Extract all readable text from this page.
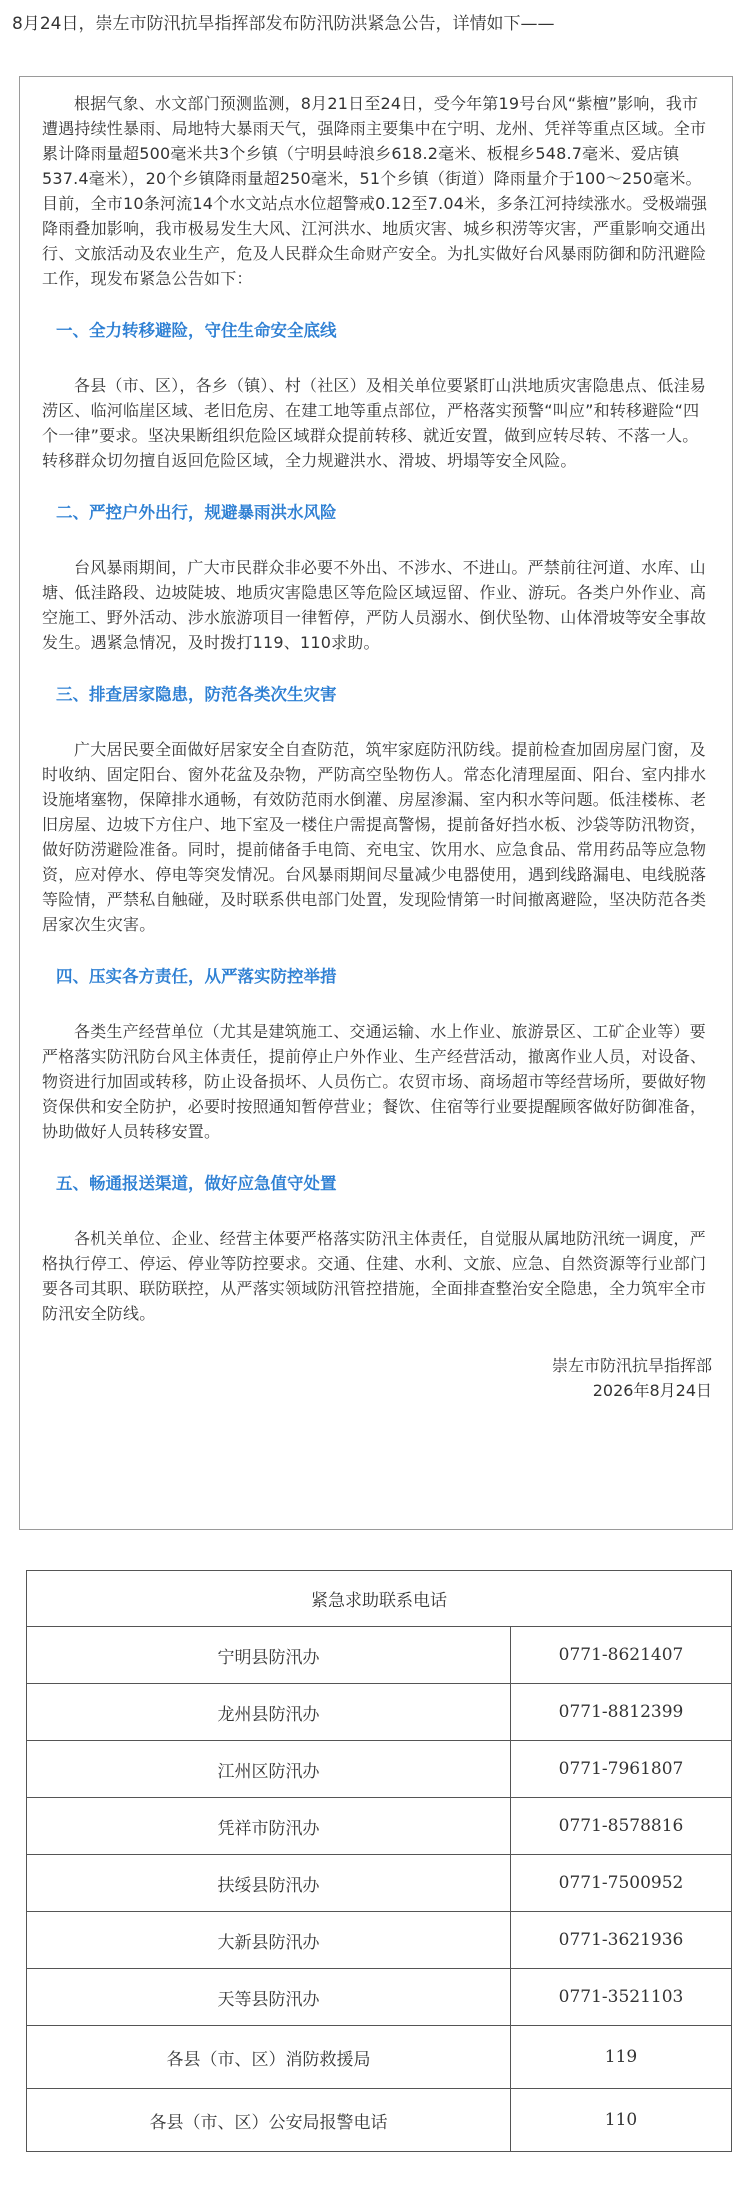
8月24日，崇左市防汛抗旱指挥部发布防汛防洪紧急公告，详情如下——

根据气象、水文部门预测监测，8月21日至24日，受今年第19号台风“紫檀”影响，我市遭遇持续性暴雨、局地特大暴雨天气，强降雨主要集中在宁明、龙州、凭祥等重点区域。全市累计降雨量超500毫米共3个乡镇（宁明县峙浪乡618.2毫米、板棍乡548.7毫米、爱店镇537.4毫米），20个乡镇降雨量超250毫米，51个乡镇（街道）降雨量介于100～250毫米。目前，全市10条河流14个水文站点水位超警戒0.12至7.04米，多条江河持续涨水。受极端强降雨叠加影响，我市极易发生大风、江河洪水、地质灾害、城乡积涝等灾害，严重影响交通出行、文旅活动及农业生产，危及人民群众生命财产安全。为扎实做好台风暴雨防御和防汛避险工作，现发布紧急公告如下：

一、全力转移避险，守住生命安全底线

各县（市、区），各乡（镇）、村（社区）及相关单位要紧盯山洪地质灾害隐患点、低洼易涝区、临河临崖区域、老旧危房、在建工地等重点部位，严格落实预警“叫应”和转移避险“四个一律”要求。坚决果断组织危险区域群众提前转移、就近安置，做到应转尽转、不落一人。转移群众切勿擅自返回危险区域，全力规避洪水、滑坡、坍塌等安全风险。

二、严控户外出行，规避暴雨洪水风险

台风暴雨期间，广大市民群众非必要不外出、不涉水、不进山。严禁前往河道、水库、山塘、低洼路段、边坡陡坡、地质灾害隐患区等危险区域逗留、作业、游玩。各类户外作业、高空施工、野外活动、涉水旅游项目一律暂停，严防人员溺水、倒伏坠物、山体滑坡等安全事故发生。遇紧急情况，及时拨打119、110求助。

三、排查居家隐患，防范各类次生灾害

广大居民要全面做好居家安全自查防范，筑牢家庭防汛防线。提前检查加固房屋门窗，及时收纳、固定阳台、窗外花盆及杂物，严防高空坠物伤人。常态化清理屋面、阳台、室内排水设施堵塞物，保障排水通畅，有效防范雨水倒灌、房屋渗漏、室内积水等问题。低洼楼栋、老旧房屋、边坡下方住户、地下室及一楼住户需提高警惕，提前备好挡水板、沙袋等防汛物资，做好防涝避险准备。同时，提前储备手电筒、充电宝、饮用水、应急食品、常用药品等应急物资，应对停水、停电等突发情况。台风暴雨期间尽量减少电器使用，遇到线路漏电、电线脱落等险情，严禁私自触碰，及时联系供电部门处置，发现险情第一时间撤离避险，坚决防范各类居家次生灾害。

四、压实各方责任，从严落实防控举措

各类生产经营单位（尤其是建筑施工、交通运输、水上作业、旅游景区、工矿企业等）要严格落实防汛防台风主体责任，提前停止户外作业、生产经营活动，撤离作业人员，对设备、物资进行加固或转移，防止设备损坏、人员伤亡。农贸市场、商场超市等经营场所，要做好物资保供和安全防护，必要时按照通知暂停营业；餐饮、住宿等行业要提醒顾客做好防御准备，协助做好人员转移安置。

五、畅通报送渠道，做好应急值守处置

各机关单位、企业、经营主体要严格落实防汛主体责任，自觉服从属地防汛统一调度，严格执行停工、停运、停业等防控要求。交通、住建、水利、文旅、应急、自然资源等行业部门要各司其职、联防联控，从严落实领域防汛管控措施，全面排查整治安全隐患，全力筑牢全市防汛安全防线。

崇左市防汛抗旱指挥部
2026年8月24日
紧急求助联系电话	
宁明县防汛办	0771-8621407
龙州县防汛办	0771-8812399
江州区防汛办	0771-7961807
凭祥市防汛办	0771-8578816
扶绥县防汛办	0771-7500952
大新县防汛办	0771-3621936
天等县防汛办	0771-3521103
各县（市、区）消防救援局	119
各县（市、区）公安局报警电话	110
